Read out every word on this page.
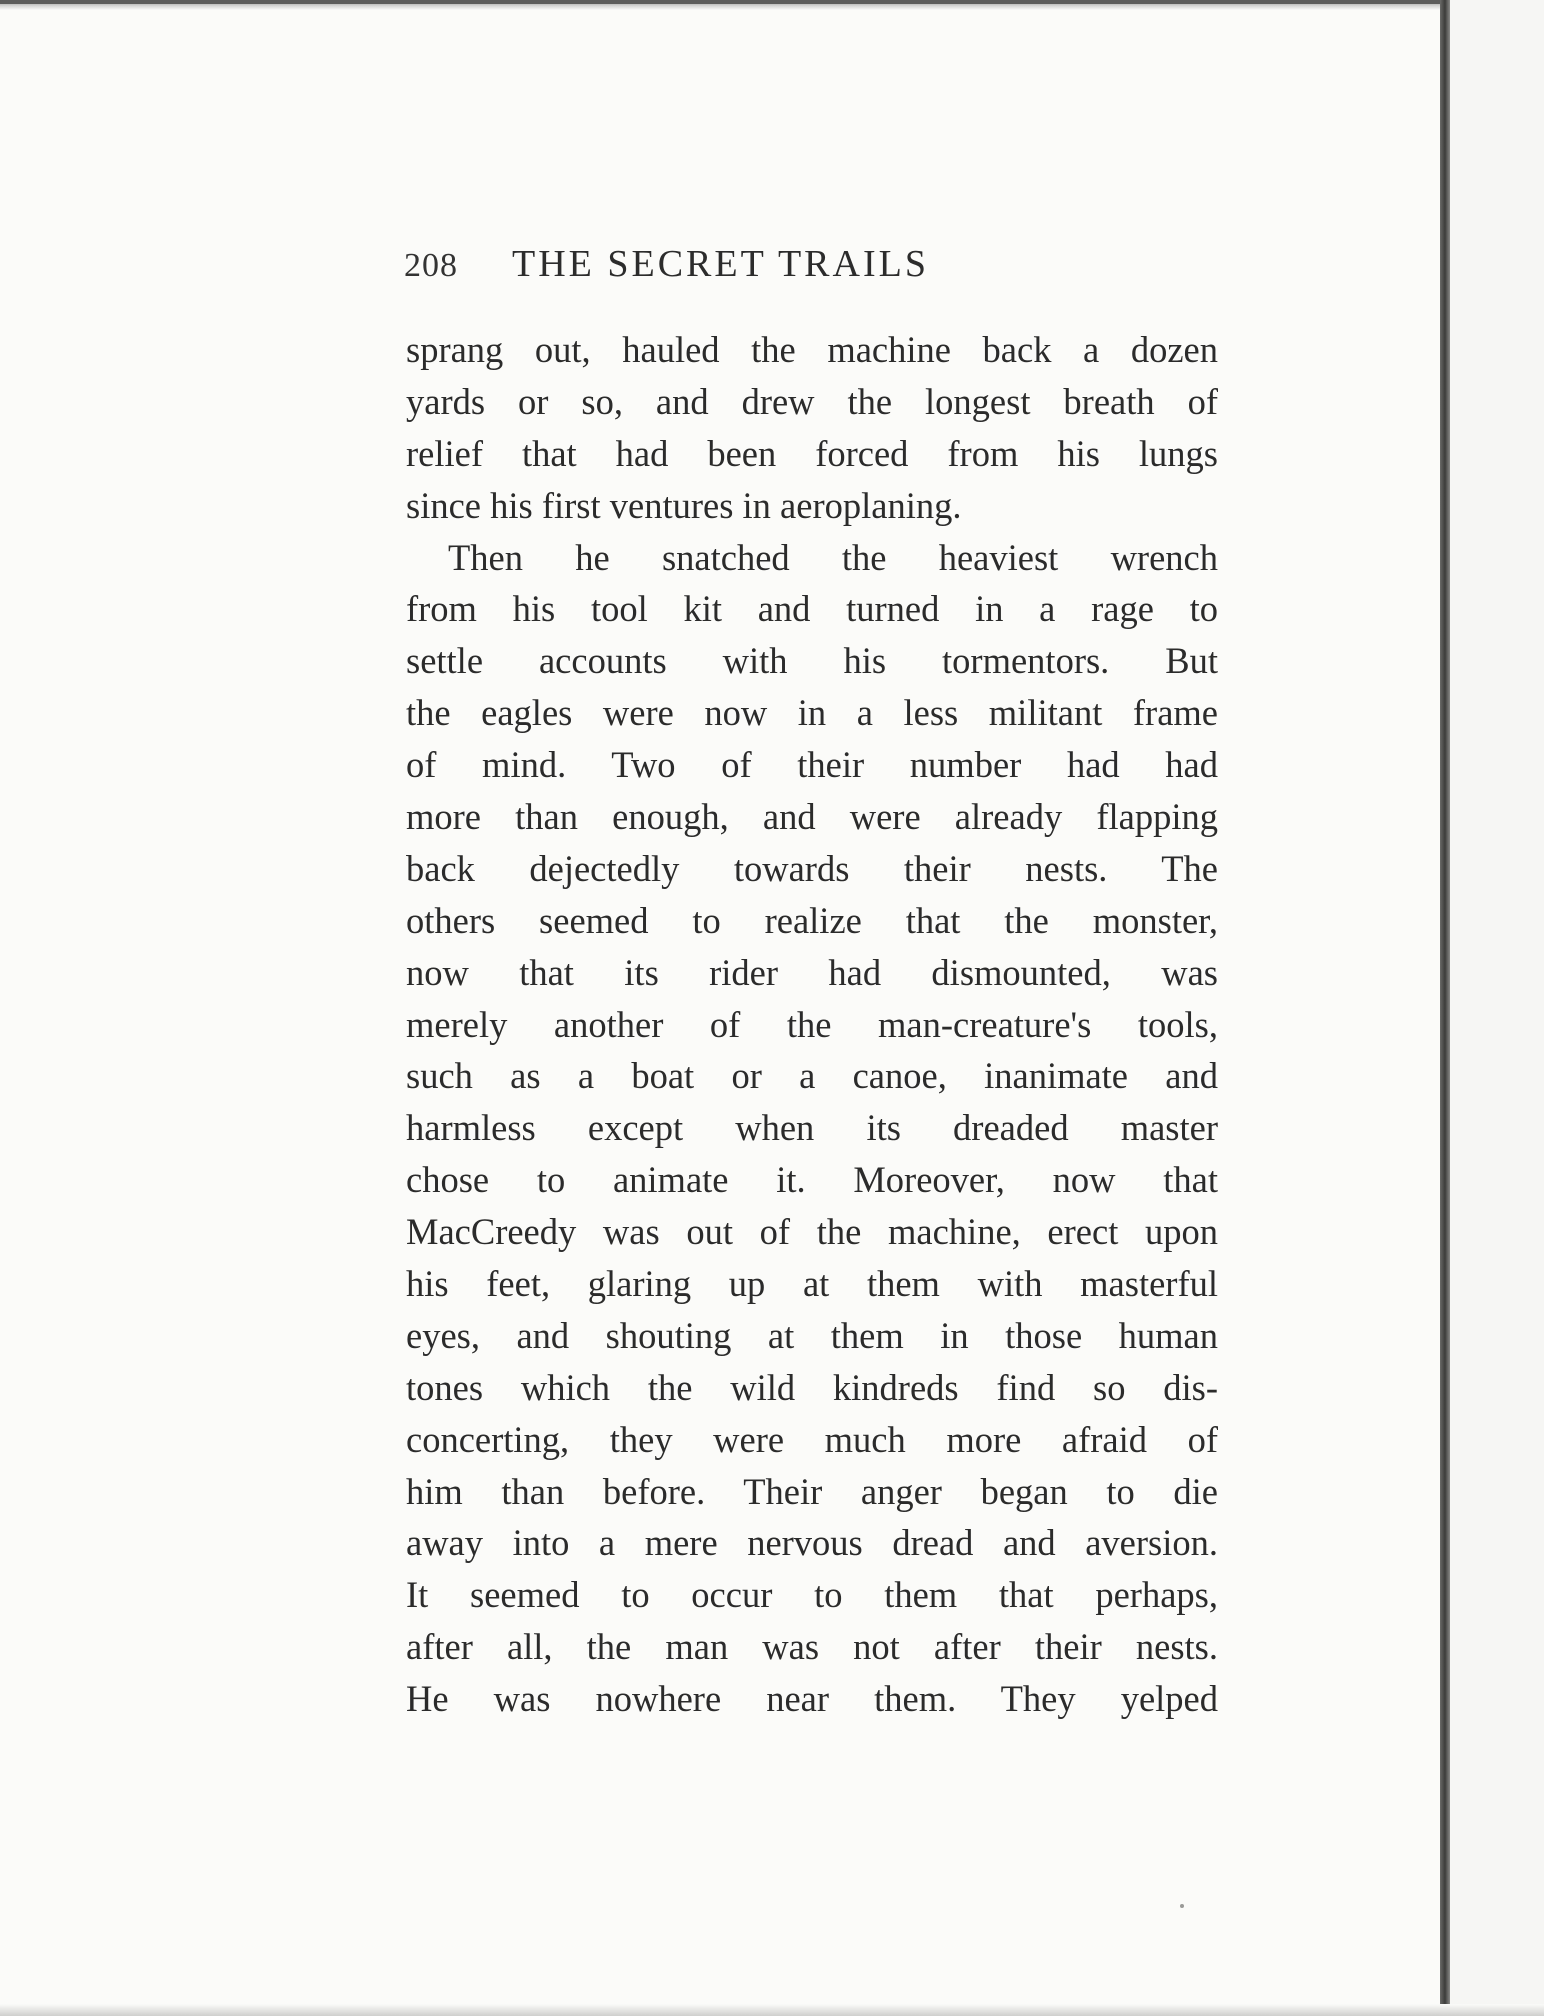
208 THE SECRET TRAILS
sprang out, hauled the machine back a dozen
yards or so, and drew the longest breath of
relief that had been forced from his lungs
since his first ventures in aeroplaning.
Then he snatched the heaviest wrench
from his tool kit and turned in a rage to
settle accounts with his tormentors. But
the eagles were now in a less militant frame
of mind. Two of their number had had
more than enough, and were already flapping
back dejectedly towards their nests. The
others seemed to realize that the monster,
now that its rider had dismounted, was
merely another of the man-creature's tools,
such as a boat or a canoe, inanimate and
harmless except when its dreaded master
chose to animate it. Moreover, now that
MacCreedy was out of the machine, erect upon
his feet, glaring up at them with masterful
eyes, and shouting at them in those human
tones which the wild kindreds find so dis-
concerting, they were much more afraid of
him than before. Their anger began to die
away into a mere nervous dread and aversion.
It seemed to occur to them that perhaps,
after all, the man was not after their nests.
He was nowhere near them. They yelped
